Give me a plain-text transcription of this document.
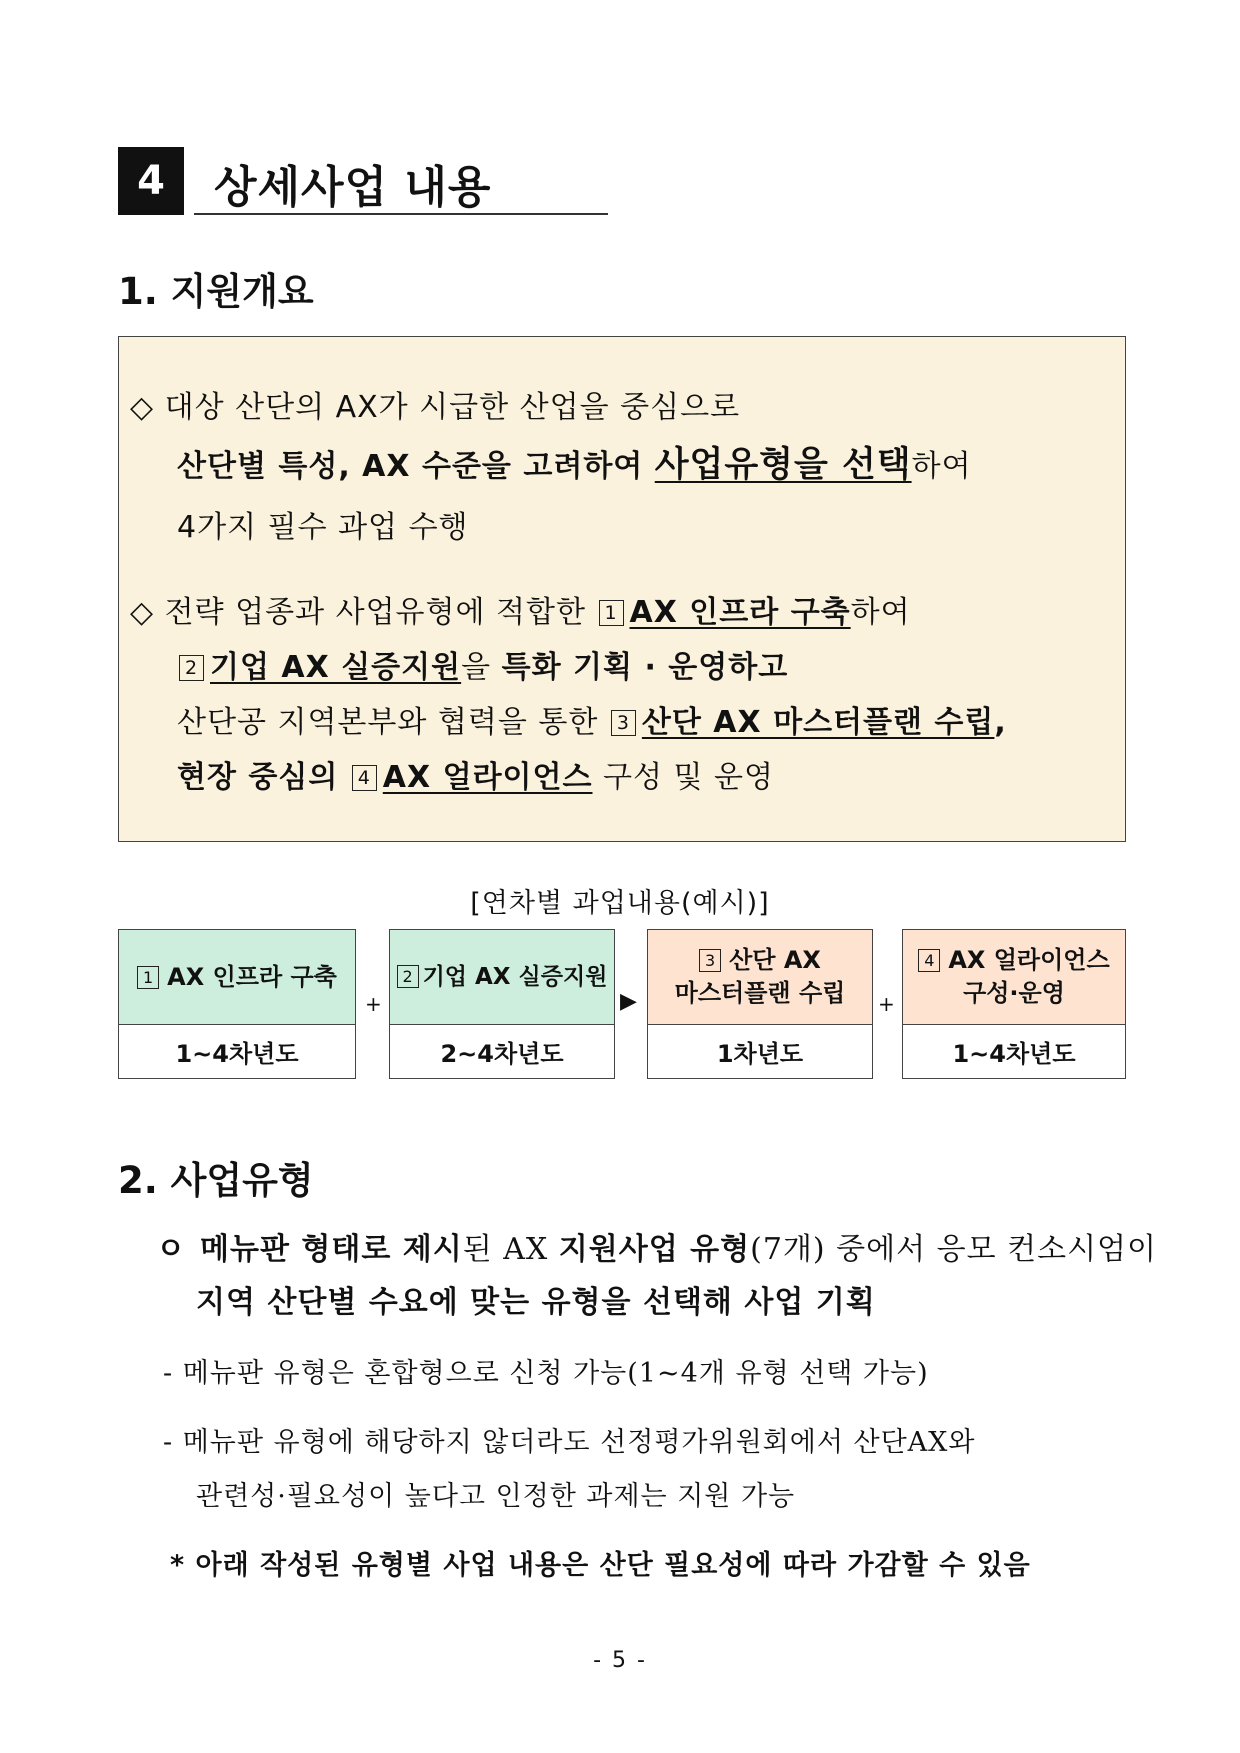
4	상세사업 내용
1. 지원개요
◇ 대상 산단의 AX가 시급한 산업을 중심으로
산단별 특성, AX 수준을 고려하여 사업유형을 선택하여
4가지 필수 과업 수행
◇ 전략 업종과 사업유형에 적합한 1 AX 인프라 구축하여
2 기업 AX 실증지원을 특화 기획 · 운영하고
산단공 지역본부와 협력을 통한 3 산단 AX 마스터플랜 수립,
현장 중심의 4 AX 얼라이언스 구성 및 운영
[연차별 과업내용(예시)]
1 AX 인프라 구축
1~4차년도
+
2 기업 AX 실증지원
2~4차년도
▶
3 산단 AX
마스터플랜 수립
1차년도
+
4 AX 얼라이언스
구성·운영
1~4차년도
2. 사업유형
ㅇ 메뉴판 형태로 제시된 AX 지원사업 유형(7개) 중에서 응모 컨소시엄이
지역 산단별 수요에 맞는 유형을 선택해 사업 기획
- 메뉴판 유형은 혼합형으로 신청 가능(1~4개 유형 선택 가능)
- 메뉴판 유형에 해당하지 않더라도 선정평가위원회에서 산단AX와
관련성·필요성이 높다고 인정한 과제는 지원 가능
* 아래 작성된 유형별 사업 내용은 산단 필요성에 따라 가감할 수 있음
- 5 -
